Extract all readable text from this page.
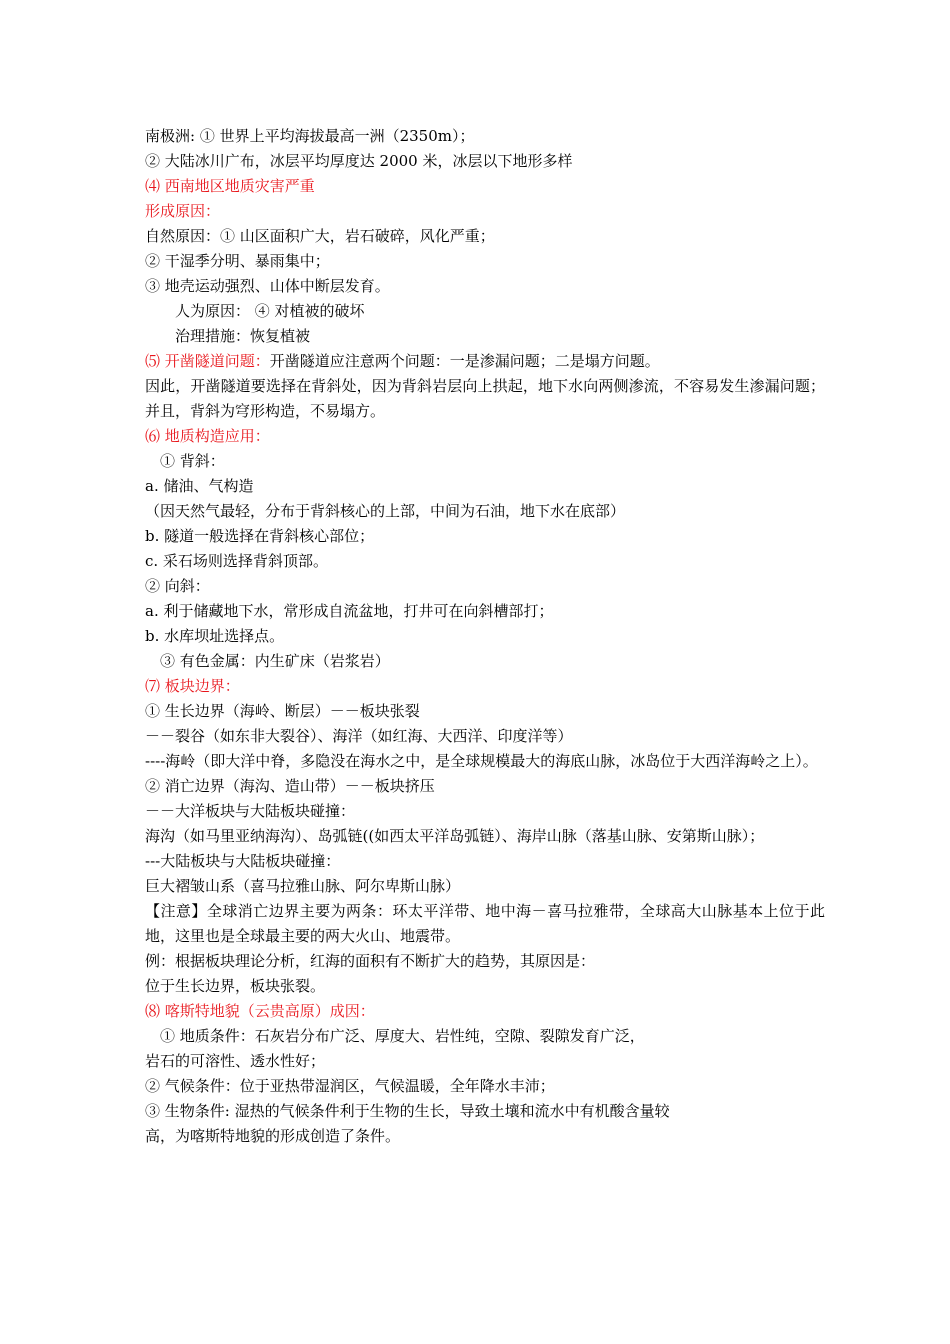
南极洲: ① 世界上平均海拔最高一洲（2350m）；
② 大陆冰川广布，冰层平均厚度达 2000 米，冰层以下地形多样
⑷ 西南地区地质灾害严重
形成原因：
自然原因：① 山区面积广大，岩石破碎，风化严重；
② 干湿季分明、暴雨集中；
③ 地壳运动强烈、山体中断层发育。
人为原因： ④ 对植被的破坏
治理措施：恢复植被
⑸ 开凿隧道问题：开凿隧道应注意两个问题：一是渗漏问题；二是塌方问题。
因此，开凿隧道要选择在背斜处，因为背斜岩层向上拱起，地下水向两侧渗流，不容易发生渗漏问题；并且，背斜为穹形构造，不易塌方。
⑹ 地质构造应用：
① 背斜：
a. 储油、气构造
（因天然气最轻，分布于背斜核心的上部，中间为石油，地下水在底部）
b. 隧道一般选择在背斜核心部位；
c. 采石场则选择背斜顶部。
② 向斜：
a. 利于储藏地下水，常形成自流盆地，打井可在向斜槽部打；
b. 水库坝址选择点。
③ 有色金属：内生矿床（岩浆岩）
⑺ 板块边界：
① 生长边界（海岭、断层）－－板块张裂
－－裂谷（如东非大裂谷）、海洋（如红海、大西洋、印度洋等）
----海岭（即大洋中脊，多隐没在海水之中，是全球规模最大的海底山脉，冰岛位于大西洋海岭之上）。
② 消亡边界（海沟、造山带）－－板块挤压
－－大洋板块与大陆板块碰撞：
海沟（如马里亚纳海沟）、岛弧链((如西太平洋岛弧链）、海岸山脉（落基山脉、安第斯山脉）；
---大陆板块与大陆板块碰撞：
巨大褶皱山系（喜马拉雅山脉、阿尔卑斯山脉）
【注意】全球消亡边界主要为两条：环太平洋带、地中海－喜马拉雅带，全球高大山脉基本上位于此地，这里也是全球最主要的两大火山、地震带。
例：根据板块理论分析，红海的面积有不断扩大的趋势，其原因是：
位于生长边界，板块张裂。
⑻ 喀斯特地貌（云贵高原）成因：
① 地质条件：石灰岩分布广泛、厚度大、岩性纯，空隙、裂隙发育广泛，
岩石的可溶性、透水性好；
② 气候条件：位于亚热带湿润区，气候温暖，全年降水丰沛；
③ 生物条件: 湿热的气候条件利于生物的生长，导致土壤和流水中有机酸含量较
高，为喀斯特地貌的形成创造了条件。
